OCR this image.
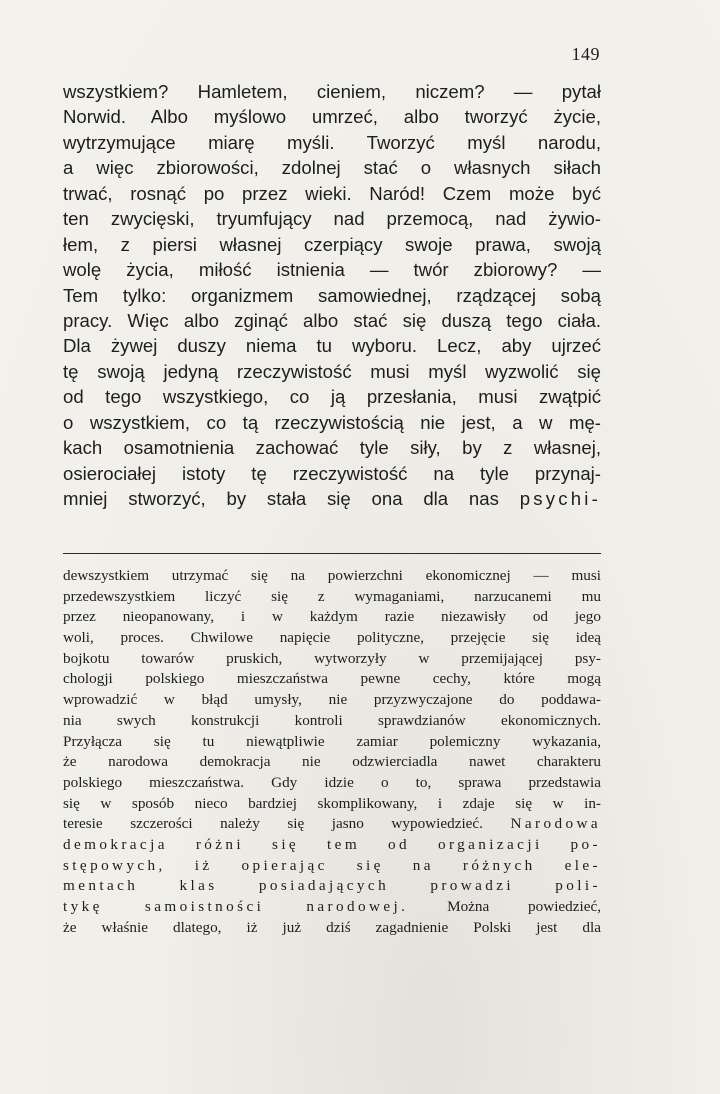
149
wszystkiem? Hamletem, cieniem, niczem? — pytał
Norwid. Albo myślowo umrzeć, albo tworzyć życie,
wytrzymujące miarę myśli. Tworzyć myśl narodu,
a więc zbiorowości, zdolnej stać o własnych siłach
trwać, rosnąć po przez wieki. Naród! Czem może być
ten zwycięski, tryumfujący nad przemocą, nad żywio-
łem, z piersi własnej czerpiący swoje prawa, swoją
wolę życia, miłość istnienia — twór zbiorowy? —
Tem tylko: organizmem samowiednej, rządzącej sobą
pracy. Więc albo zginąć albo stać się duszą tego ciała.
Dla żywej duszy niema tu wyboru. Lecz, aby ujrzeć
tę swoją jedyną rzeczywistość musi myśl wyzwolić się
od tego wszystkiego, co ją przesłania, musi zwątpić
o wszystkiem, co tą rzeczywistością nie jest, a w mę-
kach osamotnienia zachować tyle siły, by z własnej,
osierociałej istoty tę rzeczywistość na tyle przynaj-
mniej stworzyć, by stała się ona dla nas psychi-
dewszystkiem utrzymać się na powierzchni ekonomicznej — musi
przedewszystkiem liczyć się z wymaganiami, narzucanemi mu
przez nieopanowany, i w każdym razie niezawisły od jego
woli, proces. Chwilowe napięcie polityczne, przejęcie się ideą
bojkotu towarów pruskich, wytworzyły w przemijającej psy-
chologji polskiego mieszczaństwa pewne cechy, które mogą
wprowadzić w błąd umysły, nie przyzwyczajone do poddawa-
nia swych konstrukcji kontroli sprawdzianów ekonomicznych.
Przyłącza się tu niewątpliwie zamiar polemiczny wykazania,
że narodowa demokracja nie odzwierciadla nawet charakteru
polskiego mieszczaństwa. Gdy idzie o to, sprawa przedstawia
się w sposób nieco bardziej skomplikowany, i zdaje się w in-
teresie szczerości należy się jasno wypowiedzieć. Narodowa
demokracja różni się tem od organizacji po-
stępowych, iż opierając się na różnych ele-
mentach klas posiadających prowadzi poli-
tykę samoistności narodowej. Można powiedzieć,
że właśnie dlatego, iż już dziś zagadnienie Polski jest dla
